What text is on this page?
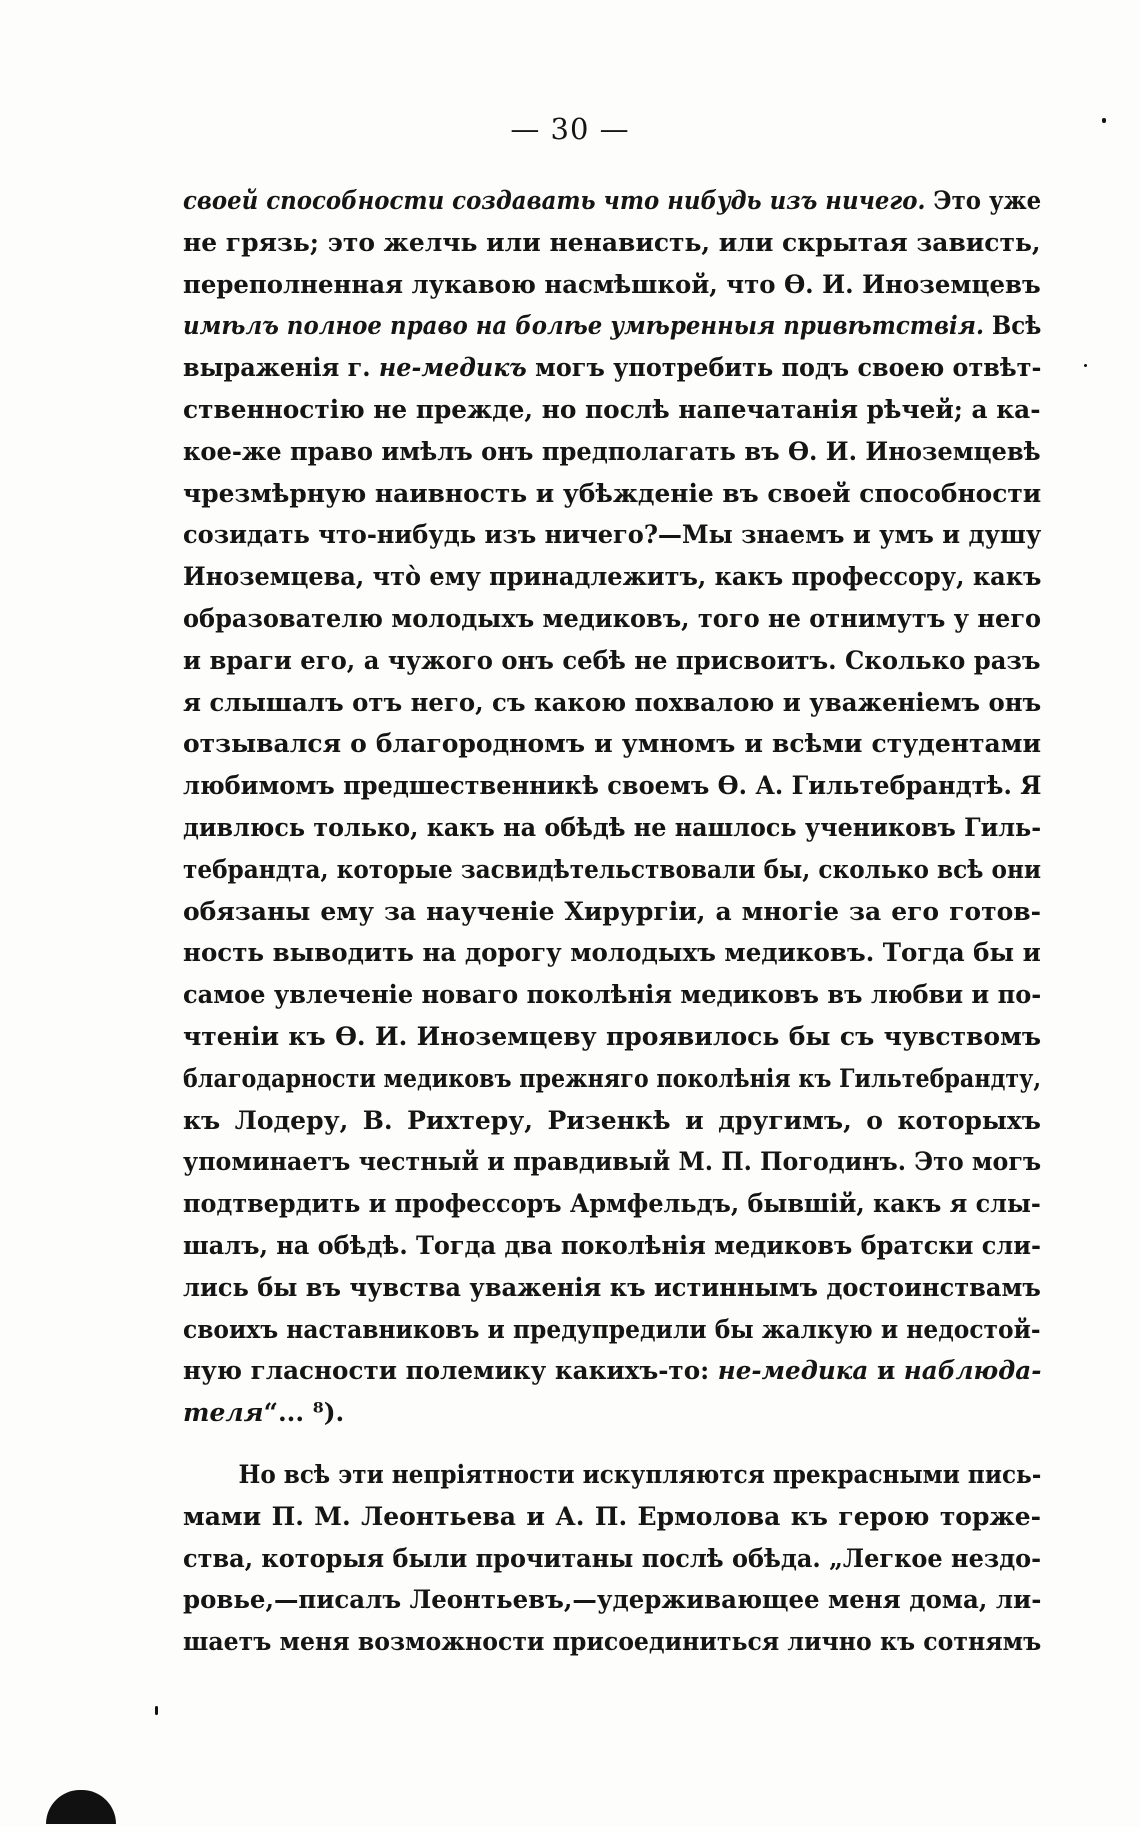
— 30 —
своей способности создавать что нибудь изъ ничего. Это уже
не грязь; это желчь или ненависть, или скрытая зависть,
переполненная лукавою насмѣшкой, что Ѳ. И. Иноземцевъ
имѣлъ полное право на болѣе умѣренныя привѣтствія. Всѣ
выраженія г. не-медикъ могъ употребить подъ своею отвѣт-
ственностію не прежде, но послѣ напечатанія рѣчей; а ка-
кое-же право имѣлъ онъ предполагать въ Ѳ. И. Иноземцевѣ
чрезмѣрную наивность и убѣжденіе въ своей способности
созидать что-нибудь изъ ничего?—Мы знаемъ и умъ и душу
Иноземцева, что̀ ему принадлежитъ, какъ профессору, какъ
образователю молодыхъ медиковъ, того не отнимутъ у него
и враги его, а чужого онъ себѣ не присвоитъ. Сколько разъ
я слышалъ отъ него, съ какою похвалою и уваженіемъ онъ
отзывался о благородномъ и умномъ и всѣми студентами
любимомъ предшественникѣ своемъ Ѳ. А. Гильтебрандтѣ. Я
дивлюсь только, какъ на обѣдѣ не нашлось учениковъ Гиль-
тебрандта, которые засвидѣтельствовали бы, сколько всѣ они
обязаны ему за наученіе Хирургіи, а многіе за его готов-
ность выводить на дорогу молодыхъ медиковъ. Тогда бы и
самое увлеченіе новаго поколѣнія медиковъ въ любви и по-
чтеніи къ Ѳ. И. Иноземцеву проявилось бы съ чувствомъ
благодарности медиковъ прежняго поколѣнія къ Гильтебрандту,
къ Лодеру, В. Рихтеру, Ризенкѣ и другимъ, о которыхъ
упоминаетъ честный и правдивый М. П. Погодинъ. Это могъ
подтвердить и профессоръ Армфельдъ, бывшій, какъ я слы-
шалъ, на обѣдѣ. Тогда два поколѣнія медиковъ братски сли-
лись бы въ чувства уваженія къ истиннымъ достоинствамъ
своихъ наставниковъ и предупредили бы жалкую и недостой-
ную гласности полемику какихъ-то: не-медика и наблюда-
теля“... ⁸).
Но всѣ эти непріятности искупляются прекрасными пись-
мами П. М. Леонтьева и А. П. Ермолова къ герою торже-
ства, которыя были прочитаны послѣ обѣда. „Легкое нездо-
ровье,—писалъ Леонтьевъ,—удерживающее меня дома, ли-
шаетъ меня возможности присоединиться лично къ сотнямъ
